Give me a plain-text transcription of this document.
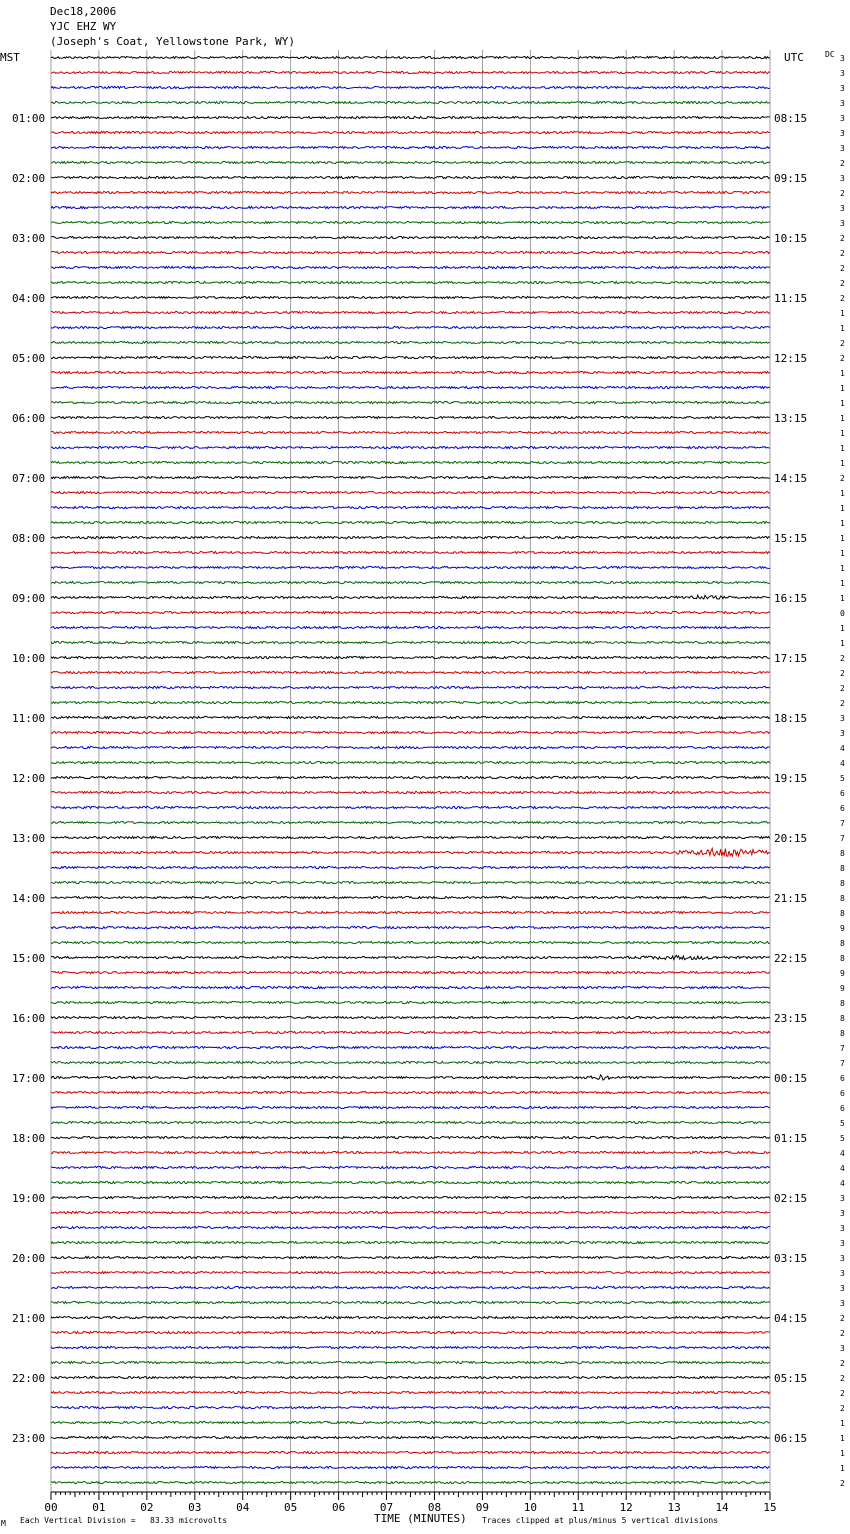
00	01	02	03	04	05	06	07	08	09	10	11	12	13	14	15
Dec18,2006
YJC EHZ WY
(Joseph's Coat, Yellowstone Park, WY)
MST	UTC	DC
01:00
02:00
03:00
04:00
05:00
06:00
07:00
08:00
09:00
10:00
11:00
12:00
13:00
14:00
15:00
16:00
17:00
18:00
19:00
20:00
21:00
22:00
23:00
08:15
09:15
10:15
11:15
12:15
13:15
14:15
15:15
16:15
17:15
18:15
19:15
20:15
21:15
22:15
23:15
00:15
01:15
02:15
03:15
04:15
05:15
06:15
3
3
3
3
3
3
3
2
3
2
3
3
2
2
2
2
2
1
1
2
2
1
1
1
1
1
1
1
2
1
1
1
1
1
1
1
1
0
1
1
2
2
2
2
3
3
4
4
5
6
6
7
7
8
8
8
8
8
9
8
8
9
9
8
8
8
7
7
6
6
6
5
5
4
4
4
3
3
3
3
3
3
3
3
2
2
3
2
2
2
2
1
1
1
1
2
M Each Vertical Division =   83.33 microvolts	TIME (MINUTES) Traces clipped at plus/minus 5 vertical divisions
